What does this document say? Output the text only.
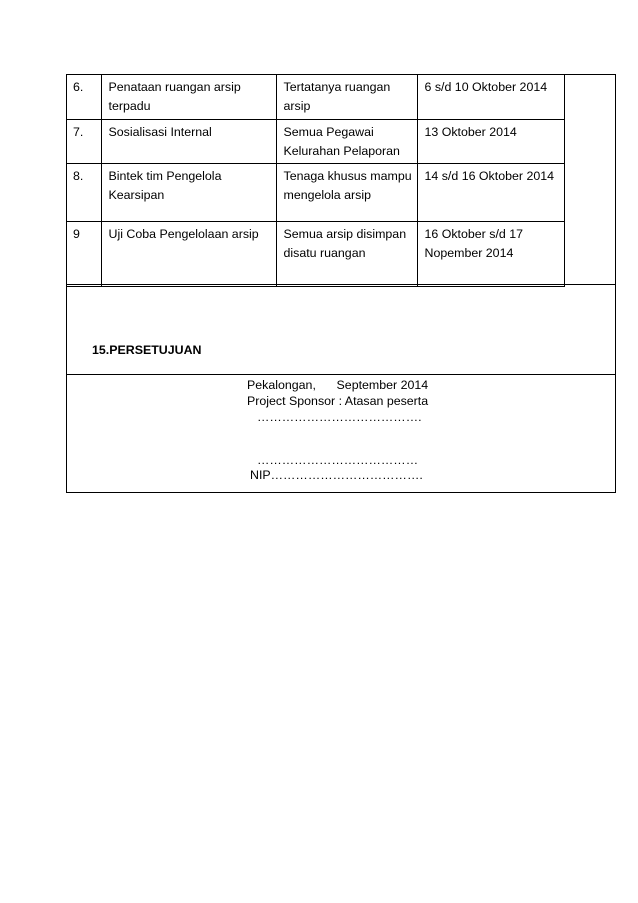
6.	Penataan ruangan arsip terpadu	Tertatanya ruangan arsip	6 s/d 10 Oktober 2014
7.	Sosialisasi Internal	Semua Pegawai Kelurahan Pelaporan	13 Oktober 2014
8.	Bintek tim Pengelola Kearsipan	Tenaga khusus mampu mengelola arsip	14 s/d 16 Oktober 2014
9	Uji Coba Pengelolaan arsip	Semua arsip disimpan disatu ruangan	16 Oktober s/d 17 Nopember 2014
15.PERSETUJUAN
Pekalongan,      September 2014
Project Sponsor : Atasan peserta
………………………………….
…………………………………
NIP……………………………….
